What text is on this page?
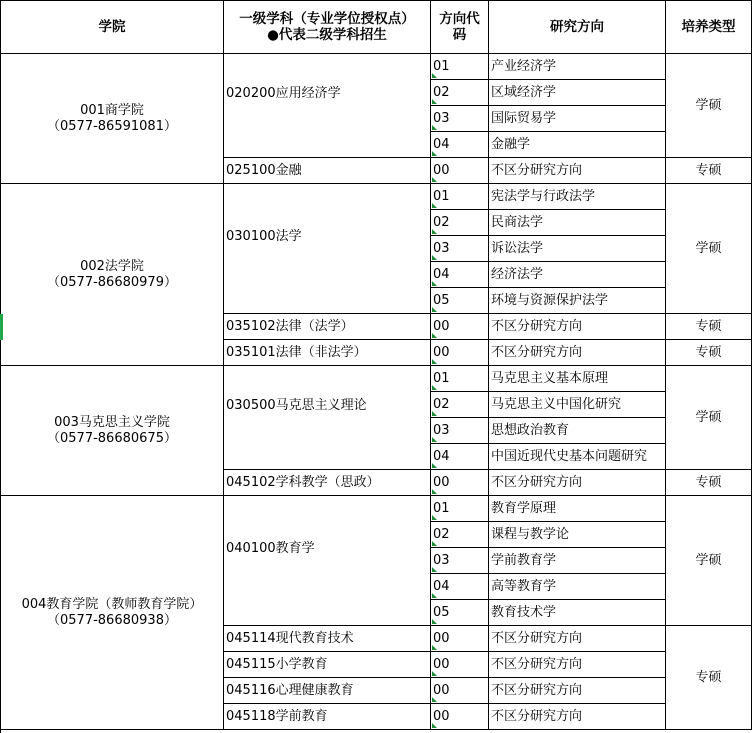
学院	一级学科（专业学位授权点）
●代表二级学科招生
方向代码	研究方向	培养类型
001商学院
（0577-86591081）
020200应用经济学
01	产业经济学
02	区域经济学
03	国际贸易学
04	金融学
学硕
025100金融	00	不区分研究方向	专硕
002法学院
（0577-86680979）
030100法学
01	宪法学与行政法学
02	民商法学
03	诉讼法学
04	经济法学
05	环境与资源保护法学
学硕
035102法律（法学）	00	不区分研究方向	专硕
035101法律（非法学）	00	不区分研究方向	专硕
003马克思主义学院
（0577-86680675）
030500马克思主义理论
01	马克思主义基本原理
02	马克思主义中国化研究
03	思想政治教育
04	中国近现代史基本问题研究
学硕
045102学科教学（思政）	00	不区分研究方向	专硕
004教育学院（教师教育学院）
（0577-86680938）
040100教育学
01	教育学原理
02	课程与教学论
03	学前教育学
04	高等教育学
05	教育技术学
学硕
045114现代教育技术	00	不区分研究方向
045115小学教育	00	不区分研究方向
045116心理健康教育	00	不区分研究方向
045118学前教育	00	不区分研究方向
专硕
